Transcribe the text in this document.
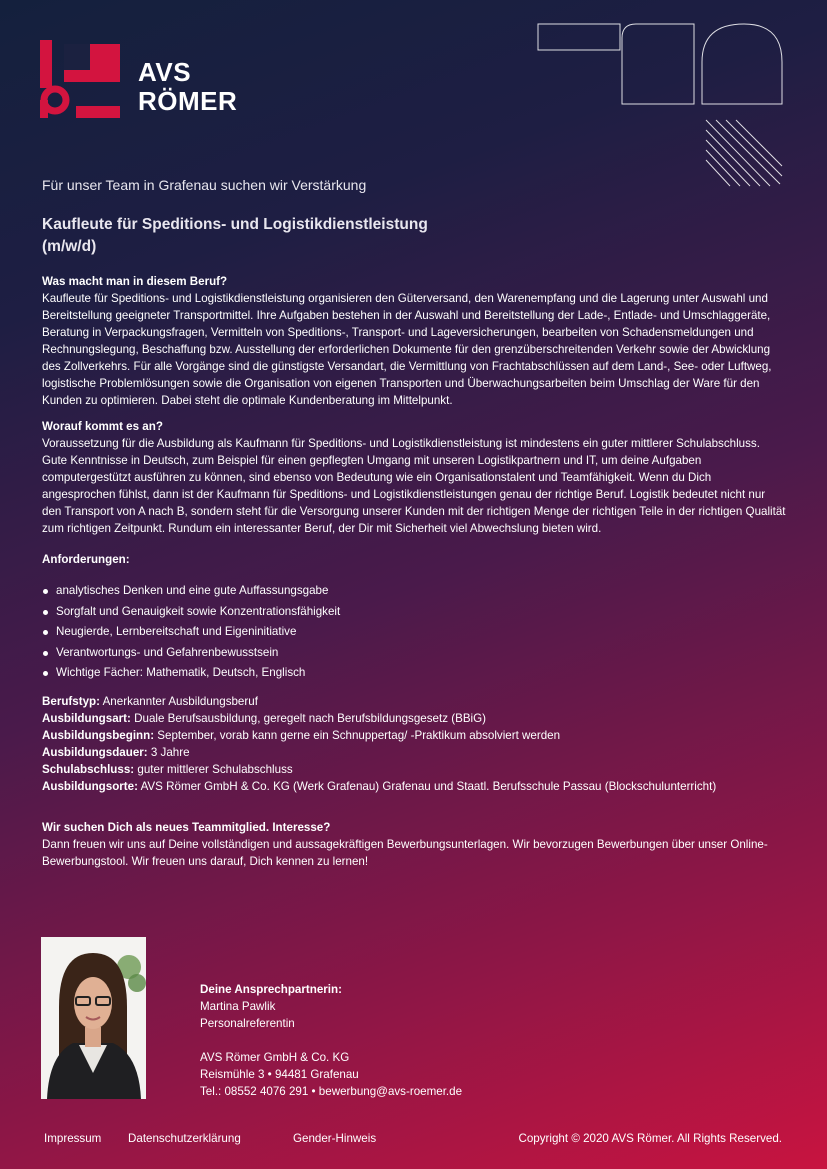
AVS
RÖMER
Für unser Team in Grafenau suchen wir Verstärkung
Kaufleute für Speditions- und Logistikdienstleistung
(m/w/d)

Was macht man in diesem Beruf?

Kaufleute für Speditions- und Logistikdienstleistung organisieren den Güterversand, den Warenempfang und die Lagerung unter Auswahl und Bereitstellung geeigneter Transportmittel. Ihre Aufgaben bestehen in der Auswahl und Bereitstellung der Lade-, Entlade- und Umschlaggeräte, Beratung in Verpackungsfragen, Vermitteln von Speditions-, Transport- und Lageversicherungen, bearbeiten von Schadensmeldungen und Rechnungslegung, Beschaffung bzw. Ausstellung der erforderlichen Dokumente für den grenzüberschreitenden Verkehr sowie der Abwicklung des Zollverkehrs. Für alle Vorgänge sind die günstigste Versandart, die Vermittlung von Frachtabschlüssen auf dem Land-, See- oder Luftweg, logistische Problemlösungen sowie die Organisation von eigenen Transporten und Überwachungsarbeiten beim Umschlag der Ware für den Kunden zu optimieren. Dabei steht die optimale Kundenberatung im Mittelpunkt.

Worauf kommt es an?

Voraussetzung für die Ausbildung als Kaufmann für Speditions- und Logistikdienstleistung ist mindestens ein guter mittlerer Schulabschluss. Gute Kenntnisse in Deutsch, zum Beispiel für einen gepflegten Umgang mit unseren Logistikpartnern und IT, um deine Aufgaben computergestützt ausführen zu können, sind ebenso von Bedeutung wie ein Organisationstalent und Teamfähigkeit. Wenn du Dich angesprochen fühlst, dann ist der Kaufmann für Speditions- und Logistikdienstleistungen genau der richtige Beruf. Logistik bedeutet nicht nur den Transport von A nach B, sondern steht für die Versorgung unserer Kunden mit der richtigen Menge der richtigen Teile in der richtigen Qualität zum richtigen Zeitpunkt. Rundum ein interessanter Beruf, der Dir mit Sicherheit viel Abwechslung bieten wird.

Anforderungen:

analytisches Denken und eine gute Auffassungsgabe
Sorgfalt und Genauigkeit sowie Konzentrationsfähigkeit
Neugierde, Lernbereitschaft und Eigeninitiative
Verantwortungs- und Gefahrenbewusstsein
Wichtige Fächer: Mathematik, Deutsch, Englisch

Berufstyp: Anerkannter Ausbildungsberuf

Ausbildungsart: Duale Berufsausbildung, geregelt nach Berufsbildungsgesetz (BBiG)

Ausbildungsbeginn: September, vorab kann gerne ein Schnuppertag/ -Praktikum absolviert werden

Ausbildungsdauer: 3 Jahre

Schulabschluss: guter mittlerer Schulabschluss

Ausbildungsorte: AVS Römer GmbH & Co. KG (Werk Grafenau) Grafenau und Staatl. Berufsschule Passau (Blockschulunterricht)

Wir suchen Dich als neues Teammitglied. Interesse?

Dann freuen wir uns auf Deine vollständigen und aussagekräftigen Bewerbungsunterlagen. Wir bevorzugen Bewerbungen über unser Online-Bewerbungstool. Wir freuen uns darauf, Dich kennen zu lernen!

Deine Ansprechpartnerin:
Martina Pawlik
Personalreferentin
AVS Römer GmbH & Co. KG
Reismühle 3 • 94481 Grafenau
Tel.: 08552 4076 291 • bewerbung@avs-roemer.de
Impressum Datenschutzerklärung	Gender-Hinweis	Copyright © 2020 AVS Römer. All Rights Reserved.
